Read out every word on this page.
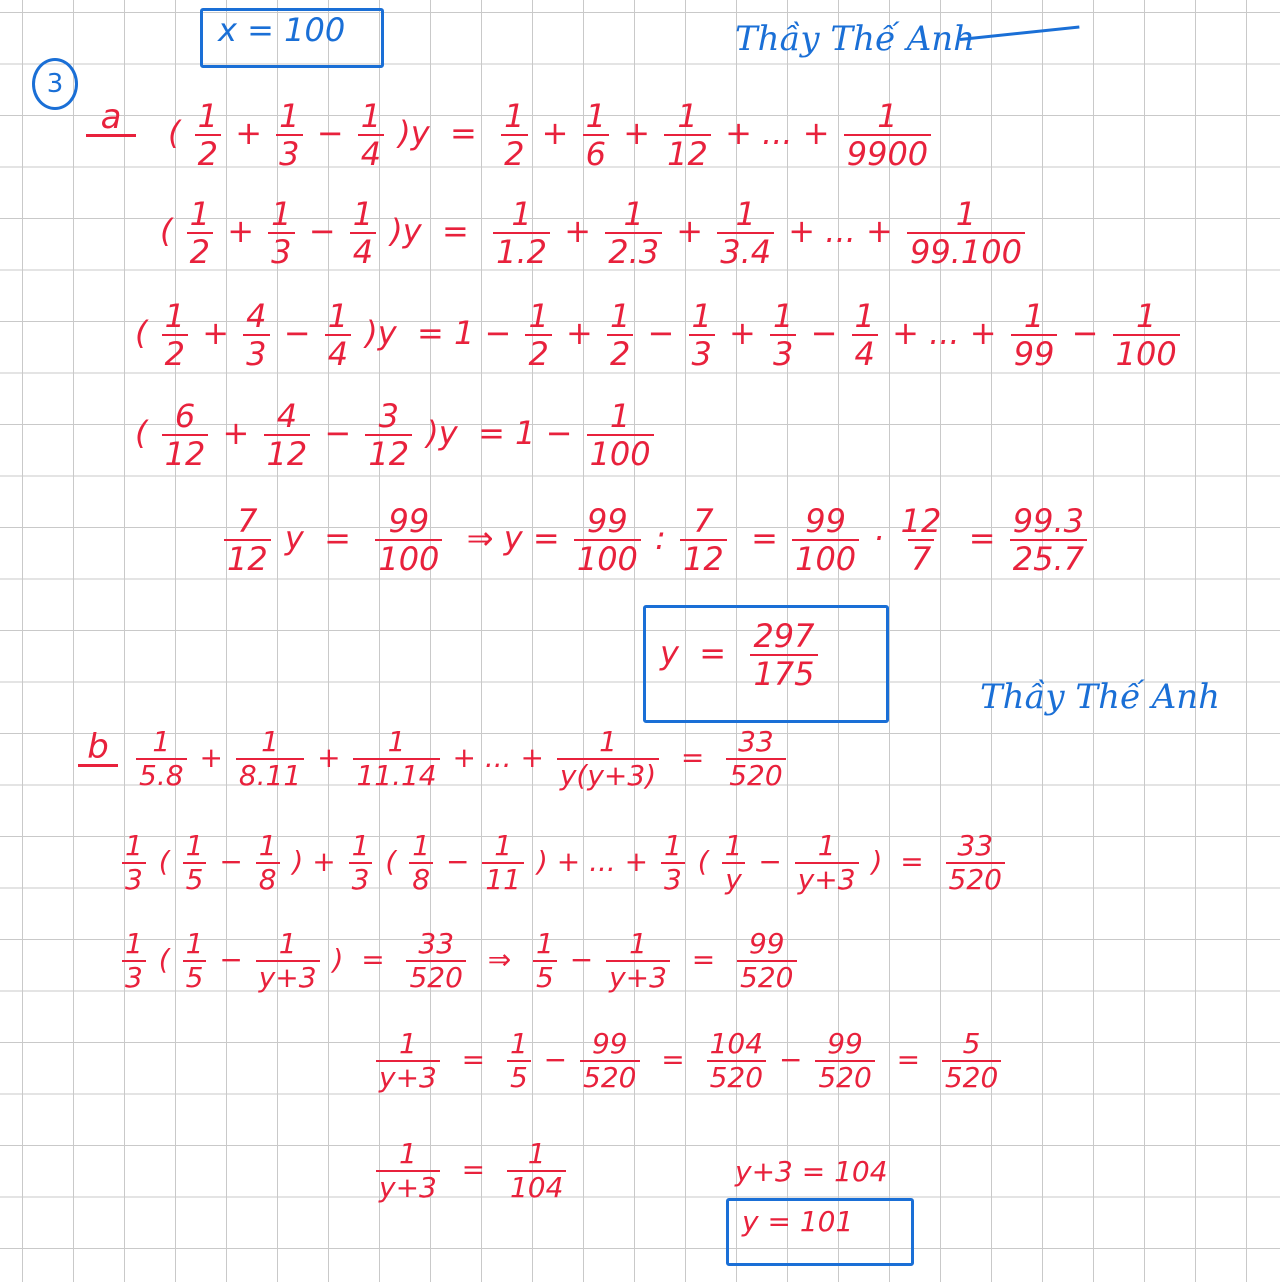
x = 100	Thầy Thế Anh
3
a	( $\frac{1}{2} + \frac{1}{3} - \frac{1}{4} )y = \frac{1}{2} + \frac{1}{6} + \frac{1}{12}$ + ... + $\frac{1}{9900}$
( $\frac{1}{2} + \frac{1}{3} - \frac{1}{4} )y = \frac{1}{1.2} + \frac{1}{2.3} + \frac{1}{3.4}$ + ... + $\frac{1}{99.100}$
( $\frac{1}{2} + \frac{4}{3} - \frac{1}{4} )y = 1 - \frac{1}{2} + \frac{1}{2} - \frac{1}{3} + \frac{1}{3} - \frac{1}{4}$ + ... + $\frac{1}{99} - \frac{1}{100}$
( $\frac{6}{12} + \frac{4}{12} - \frac{3}{12} )y = 1 - \frac{1}{100}$
$\frac{7}{12}$ $y = \frac{99}{100}$ ⇒ $y = \frac{99}{100}$ : $\frac{7}{12} = \frac{99}{100} \cdot \frac{12}{7} = \frac{99.3}{25.7}$
$y = \frac{297}{175}$
Thầy Thế Anh
b $\frac{1}{5.8} + \frac{1}{8.11} + \frac{1}{11.14}$ + ... + $\frac{1}{y(y+3)} = \frac{33}{520}$
$\frac{1}{3}$ ( $\frac{1}{5} - \frac{1}{8}$ ) + $\frac{1}{3}$ ( $\frac{1}{8} - \frac{1}{11}$ ) + ... + $\frac{1}{3}$ ( $\frac{1}{y} - \frac{1}{y+3}$ )  = $\frac{33}{520}$
$\frac{1}{3}$ ( $\frac{1}{5} - \frac{1}{y+3}$ )  = $\frac{33}{520}$ ⇒ $\frac{1}{5} - \frac{1}{y+3} = \frac{99}{520}$
$\frac{1}{y+3} = \frac{1}{5} - \frac{99}{520} = \frac{104}{520} - \frac{99}{520} = \frac{5}{520}$
$\frac{1}{y+3} = \frac{1}{104}$	y+3 = 104
y = 101
